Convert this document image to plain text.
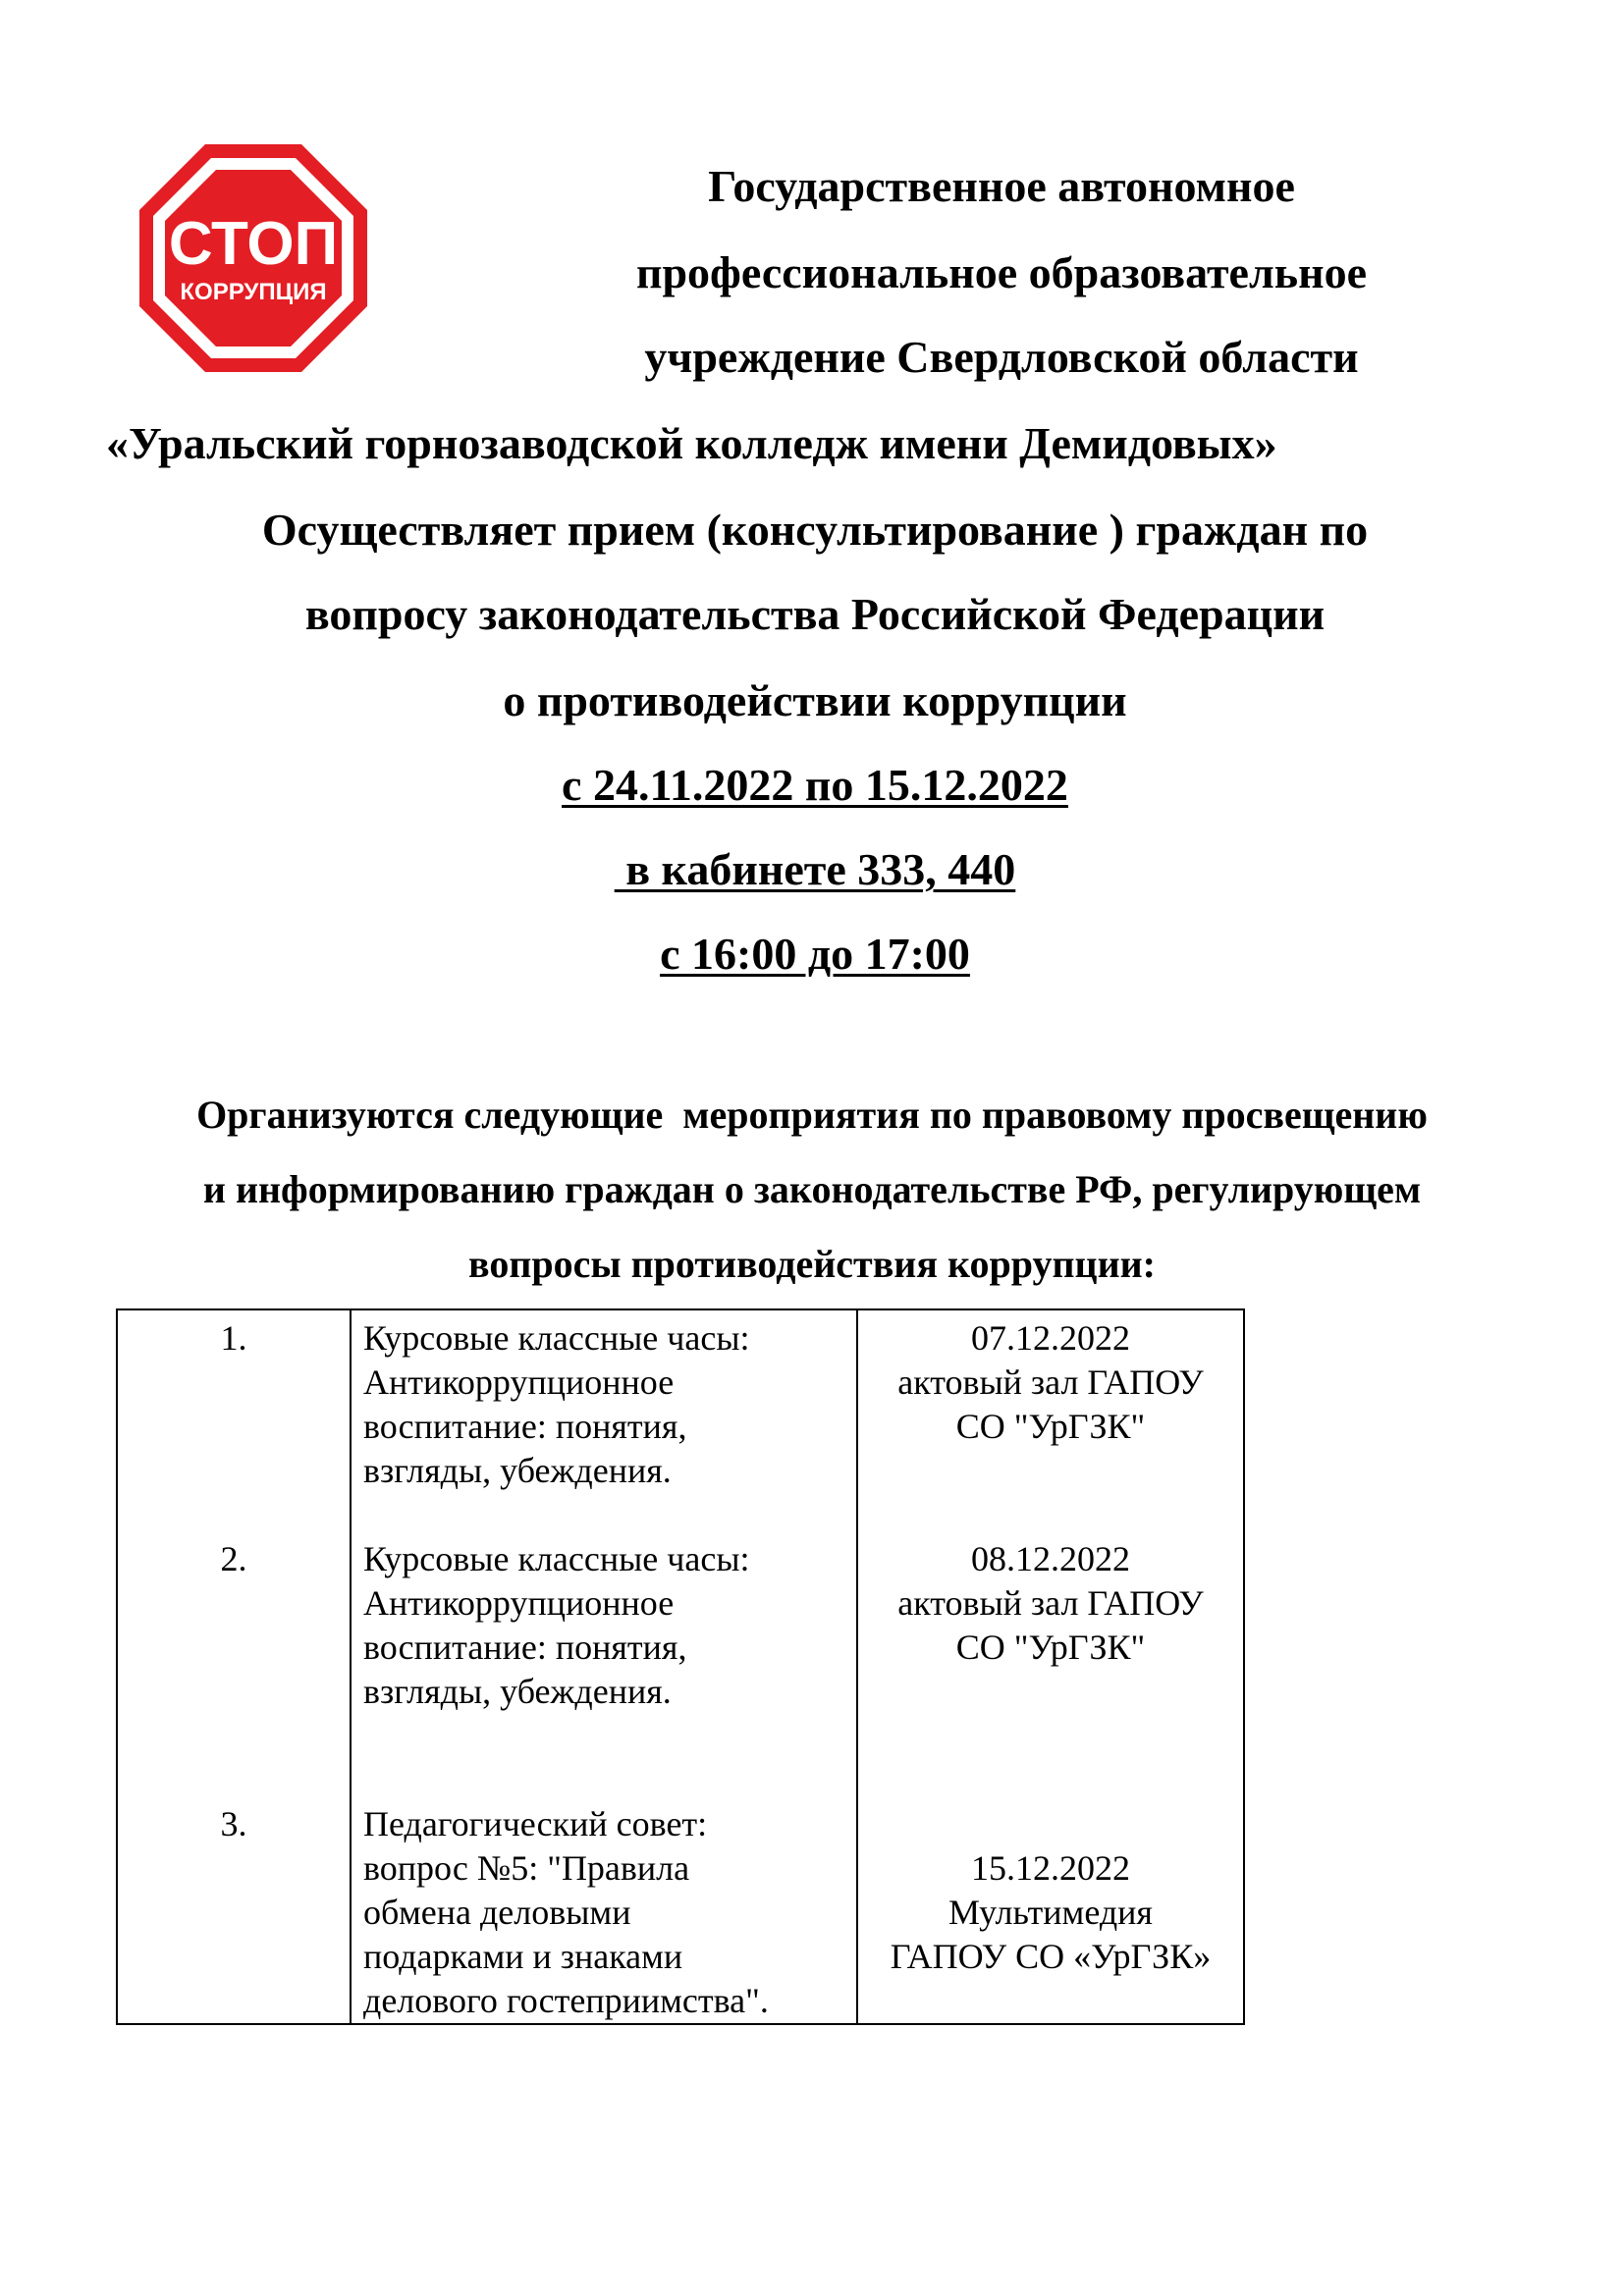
СТОП
КОРРУПЦИЯ
Государственное автономное
профессиональное образовательное
учреждение Свердловской области
«Уральский горнозаводской колледж имени Демидовых»
Осуществляет прием (консультирование ) граждан по
вопросу законодательства Российской Федерации
о противодействии коррупции
с 24.11.2022 по 15.12.2022
в кабинете 333, 440
с 16:00 до 17:00
Организуются следующие  мероприятия по правовому просвещению
и информированию граждан о законодательстве РФ, регулирующем
вопросы противодействия коррупции:
1.	Курсовые классные часы:
Антикоррупционное
воспитание: понятия,
взгляды, убеждения.	07.12.2022
актовый зал ГАПОУ
СО "УрГЗК"

2.	Курсовые классные часы:
Антикоррупционное
воспитание: понятия,
взгляды, убеждения.	08.12.2022
актовый зал ГАПОУ
СО "УрГЗК"

3.	Педагогический совет:
вопрос №5: "Правила
обмена деловыми
подарками и знаками
делового гостеприимства".	15.12.2022
Мультимедия
ГАПОУ СО «УрГЗК»
